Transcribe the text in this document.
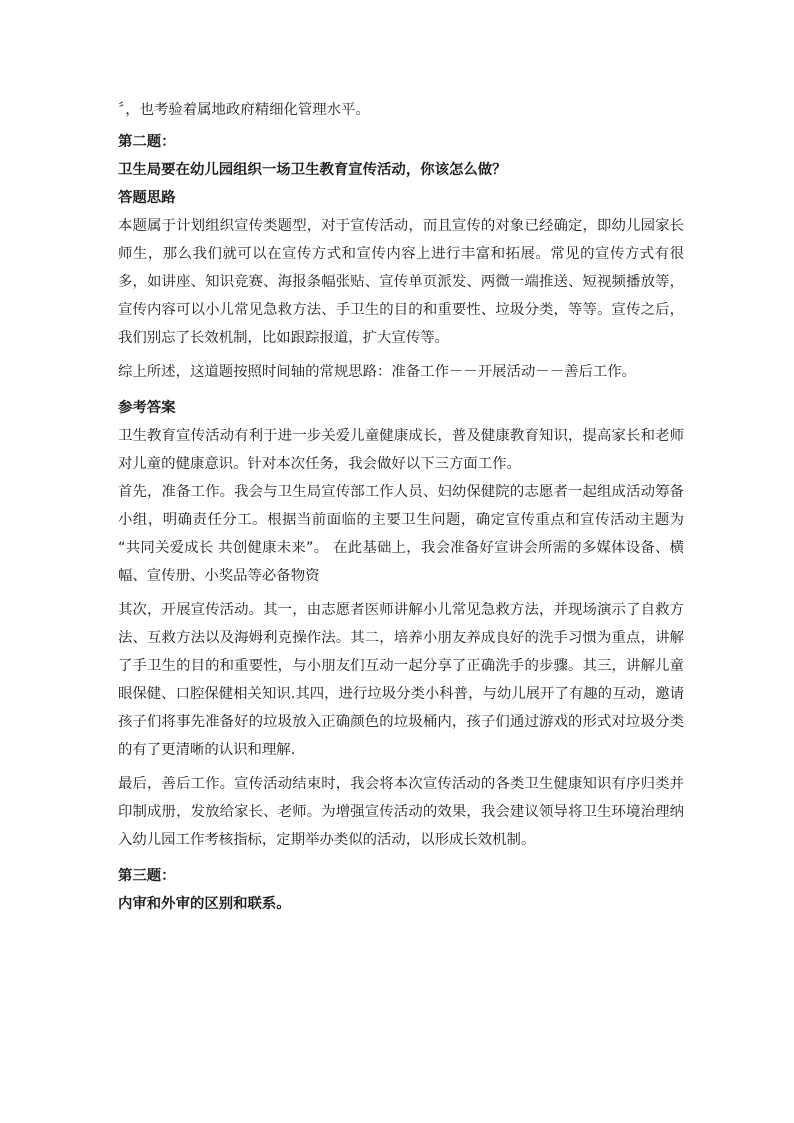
〞，也考验着属地政府精细化管理水平。

第二题：

卫生局要在幼儿园组织一场卫生教育宣传活动，你该怎么做？

答题思路

本题属于计划组织宣传类题型，对于宣传活动，而且宣传的对象已经确定，即幼儿园家长师生，那么我们就可以在宣传方式和宣传内容上进行丰富和拓展。常见的宣传方式有很多，如讲座、知识竞赛、海报条幅张贴、宣传单页派发、两微一端推送、短视频播放等，宣传内容可以小儿常见急救方法、手卫生的目的和重要性、垃圾分类，等等。宣传之后，我们别忘了长效机制，比如跟踪报道，扩大宣传等。

综上所述，这道题按照时间轴的常规思路：准备工作－－开展活动－－善后工作。

参考答案

卫生教育宣传活动有利于进一步关爱儿童健康成长，普及健康教育知识，提高家长和老师对儿童的健康意识。针对本次任务，我会做好以下三方面工作。

首先，准备工作。我会与卫生局宣传部工作人员、妇幼保健院的志愿者一起组成活动筹备小组，明确责任分工。根据当前面临的主要卫生问题，确定宣传重点和宣传活动主题为 “共同关爱成长 共创健康未来”。 在此基础上，我会准备好宣讲会所需的多媒体设备、横幅、宣传册、小奖品等必备物资

其次，开展宣传活动。其一，由志愿者医师讲解小儿常见急救方法，并现场演示了自救方法、互救方法以及海姆利克操作法。其二，培养小朋友养成良好的洗手习惯为重点，讲解了手卫生的目的和重要性，与小朋友们互动一起分享了正确洗手的步骤。其三，讲解儿童眼保健、口腔保健相关知识.其四，进行垃圾分类小科普，与幼儿展开了有趣的互动，邀请孩子们将事先准备好的垃圾放入正确颜色的垃圾桶内，孩子们通过游戏的形式对垃圾分类的有了更清晰的认识和理解.

最后，善后工作。宣传活动结束时，我会将本次宣传活动的各类卫生健康知识有序归类并印制成册，发放给家长、老师。为增强宣传活动的效果，我会建议领导将卫生环境治理纳入幼儿园工作考核指标，定期举办类似的活动，以形成长效机制。

第三题：

内审和外审的区别和联系。
